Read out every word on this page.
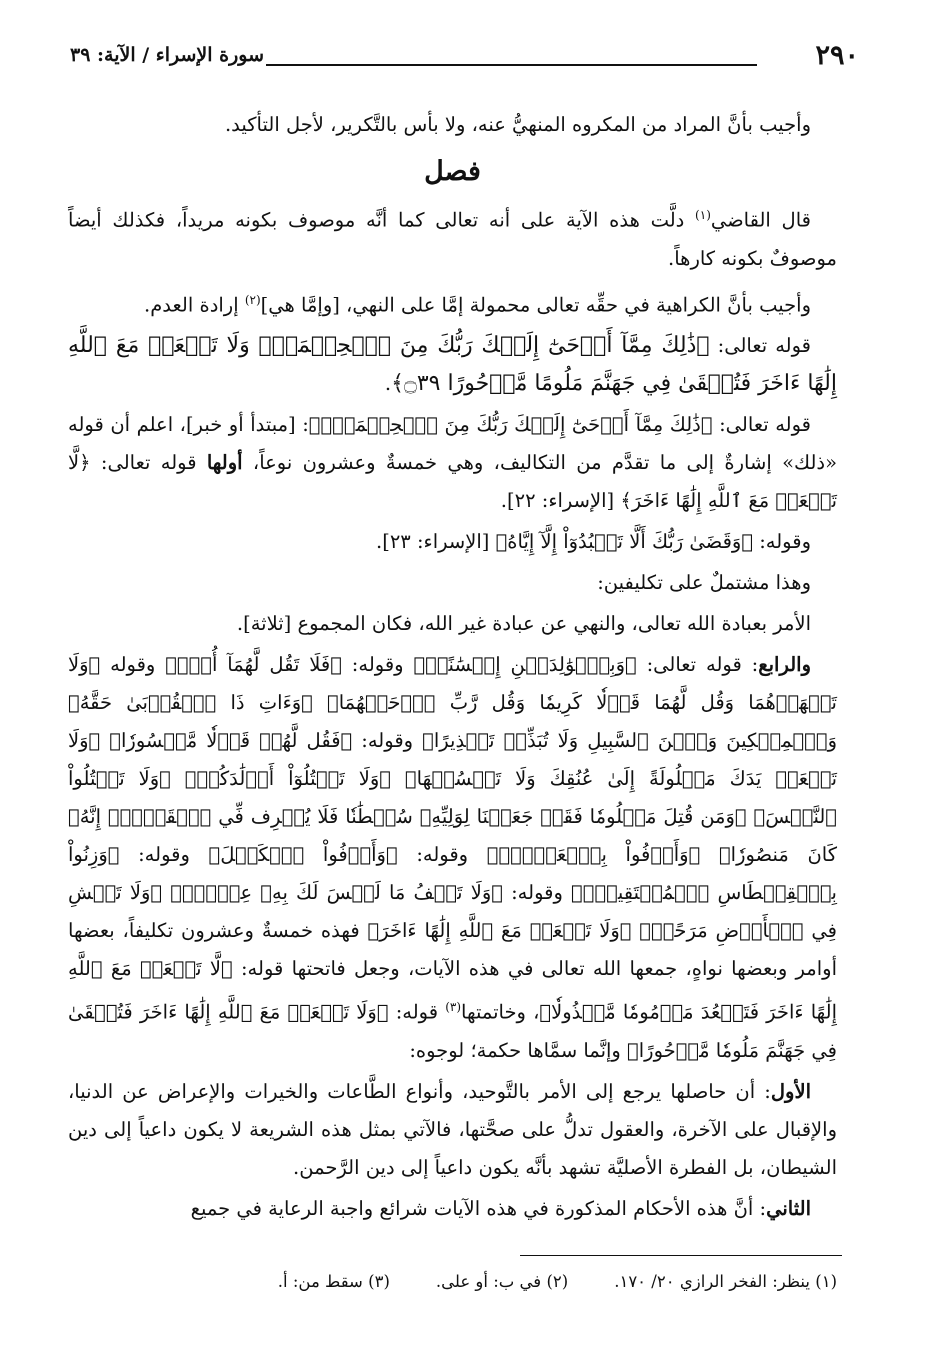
٢٩٠
سورة الإسراء / الآية: ٣٩

وأجيب بأنَّ المراد من المكروه المنهيُّ عنه، ولا بأس بالتَّكرير، لأجل التأكيد.

فصل

قال القاضي$^{(١)}$ دلَّت هذه الآية على أنه تعالى كما أنَّه موصوف بكونه مريداً، فكذلك أيضاً موصوفٌ بكونه كارهاً.

وأجيب بأنَّ الكراهية في حقِّه تعالى محمولة إمَّا على النهي، [وإمَّا هي]$^{(٢)}$ إرادة العدم.

قوله تعالى: ﴿ذَٰلِكَ مِمَّآ أَوۡحَىٰٓ إِلَيۡكَ رَبُّكَ مِنَ ٱلۡحِكۡمَةِۗ وَلَا تَجۡعَلۡ مَعَ ٱللَّهِ إِلَٰهًا ءَاخَرَ فَتُلۡقَىٰ فِي جَهَنَّمَ مَلُومًا مَّدۡحُورًا ۝٣٩﴾.

قوله تعالى: ﴿ذَٰلِكَ مِمَّآ أَوۡحَىٰٓ إِلَيۡكَ رَبُّكَ مِنَ ٱلۡحِكۡمَةِۗ﴾: [مبتدأ أو خبر]، اعلم أن قوله «ذلك» إشارةٌ إلى ما تقدَّم من التكاليف، وهي خمسةٌ وعشرون نوعاً، أولها قوله تعالى: ﴿لَّا تَجۡعَلۡ مَعَ ٱللَّهِ إِلَٰهًا ءَاخَرَ﴾ [الإسراء: ٢٢].

وقوله: ﴿وَقَضَىٰ رَبُّكَ أَلَّا تَعۡبُدُوٓاْ إِلَّآ إِيَّاهُ﴾ [الإسراء: ٢٣].

وهذا مشتملٌ على تكليفين:

الأمر بعبادة الله تعالى، والنهي عن عبادة غير الله، فكان المجموع [ثلاثة].

والرابع: قوله تعالى: ﴿وَبِٱلۡوَٰلِدَيۡنِ إِحۡسَٰنًاۚ﴾ وقوله: ﴿فَلَا تَقُل لَّهُمَآ أُفّٖ﴾ وقوله ﴿وَلَا تَنۡهَرۡهُمَا وَقُل لَّهُمَا قَوۡلٗا كَرِيمٗا وَقُل رَّبِّ ٱرۡحَمۡهُمَا﴾ ﴿وَءَاتِ ذَا ٱلۡقُرۡبَىٰ حَقَّهُۥ وَٱلۡمِسۡكِينَ وَٱبۡنَ ٱلسَّبِيلِ وَلَا تُبَذِّرۡ تَبۡذِيرًا﴾ وقوله: ﴿فَقُل لَّهُمۡ قَوۡلٗا مَّيۡسُورٗا﴾ ﴿وَلَا تَجۡعَلۡ يَدَكَ مَغۡلُولَةً إِلَىٰ عُنُقِكَ وَلَا تَبۡسُطۡهَا﴾ ﴿وَلَا تَقۡتُلُوٓاْ أَوۡلَٰدَكُمۡ﴾ ﴿وَلَا تَقۡتُلُواْ ٱلنَّفۡسَ﴾ ﴿وَمَن قُتِلَ مَظۡلُومٗا فَقَدۡ جَعَلۡنَا لِوَلِيِّهِۦ سُلۡطَٰنٗا فَلَا يُسۡرِف فِّي ٱلۡقَتۡلِۖ إِنَّهُۥ كَانَ مَنصُورٗا﴾ ﴿وَأَوۡفُواْ بِٱلۡعَهۡدِۖ﴾ وقوله: ﴿وَأَوۡفُواْ ٱلۡكَيۡلَ﴾ وقوله: ﴿وَزِنُواْ بِٱلۡقِسۡطَاسِ ٱلۡمُسۡتَقِيمِۚ﴾ وقوله: ﴿وَلَا تَقۡفُ مَا لَيۡسَ لَكَ بِهِۦ عِلۡمٌۚ﴾ ﴿وَلَا تَمۡشِ فِي ٱلۡأَرۡضِ مَرَحًاۖ﴾ ﴿وَلَا تَجۡعَلۡ مَعَ ٱللَّهِ إِلَٰهًا ءَاخَرَ﴾ فهذه خمسةٌ وعشرون تكليفاً، بعضها أوامر وبعضها نواهٍ، جمعها الله تعالى في هذه الآيات، وجعل فاتحتها قوله: ﴿لَّا تَجۡعَلۡ مَعَ ٱللَّهِ إِلَٰهًا ءَاخَرَ فَتَقۡعُدَ مَذۡمُومٗا مَّخۡذُولٗا﴾، وخاتمتها$^{(٣)}$ قوله: ﴿وَلَا تَجۡعَلۡ مَعَ ٱللَّهِ إِلَٰهًا ءَاخَرَ فَتُلۡقَىٰ فِي جَهَنَّمَ مَلُومٗا مَّدۡحُورًا﴾ وإنَّما سمَّاها حكمة؛ لوجوه:

الأول: أن حاصلها يرجع إلى الأمر بالتَّوحيد، وأنواع الطَّاعات والخيرات والإعراض عن الدنيا، والإقبال على الآخرة، والعقول تدلُّ على صحَّتها، فالآتي بمثل هذه الشريعة لا يكون داعياً إلى دين الشيطان، بل الفطرة الأصليَّة تشهد بأنَّه يكون داعياً إلى دين الرَّحمن.

الثاني: أنَّ هذه الأحكام المذكورة في هذه الآيات شرائع واجبة الرعاية في جميع

(١) ينظر: الفخر الرازي ٢٠/ ١٧٠.
(٢) في ب: أو على.
(٣) سقط من: أ.
